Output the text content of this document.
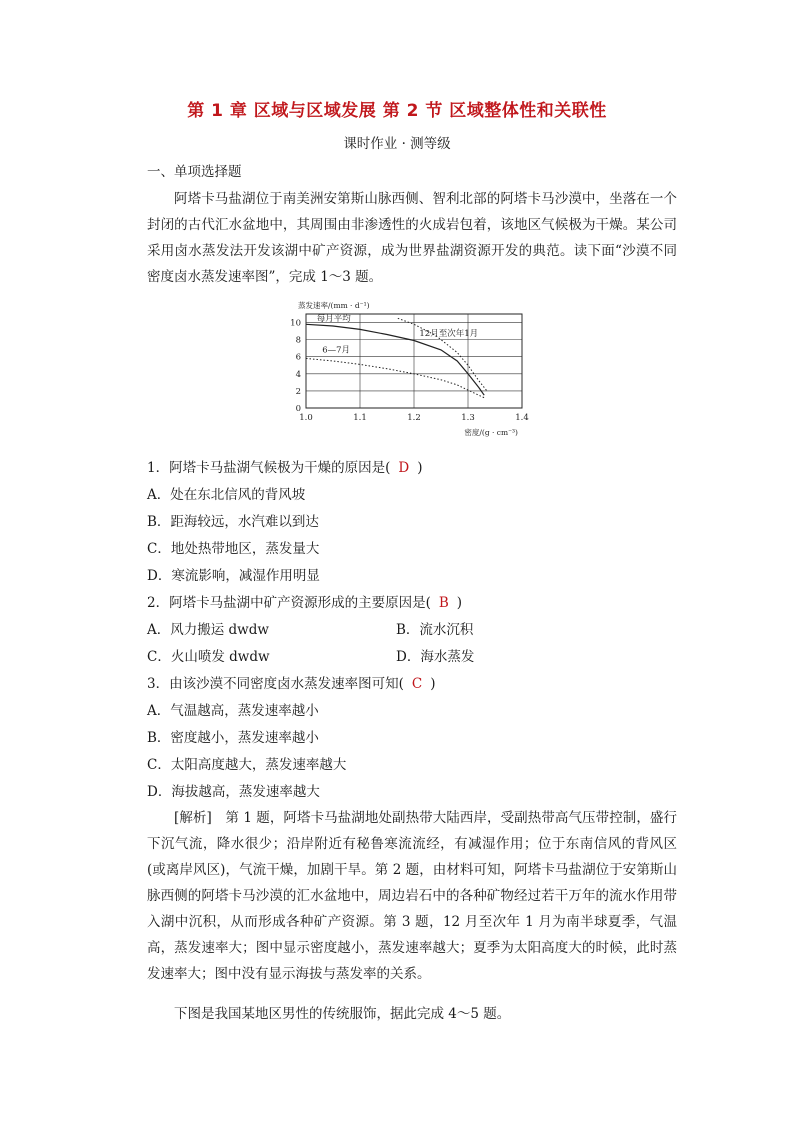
第 1 章 区域与区域发展 第 2 节 区域整体性和关联性
课时作业 · 测等级
一、单项选择题

阿塔卡马盐湖位于南美洲安第斯山脉西侧、智利北部的阿塔卡马沙漠中，坐落在一个封闭的古代汇水盆地中，其周围由非渗透性的火成岩包着，该地区气候极为干燥。某公司采用卤水蒸发法开发该湖中矿产资源，成为世界盐湖资源开发的典范。读下面“沙漠不同密度卤水蒸发速率图”，完成 1～3 题。

1.0	1.1	1.2	1.3	1.4
2
4
6
8
10
0
蒸发速率/(mm · d⁻¹)
密度/(g · cm⁻³)
每月平均
12月至次年1月
6—7月
1．阿塔卡马盐湖气候极为干燥的原因是( D )
A．处在东北信风的背风坡
B．距海较远，水汽难以到达
C．地处热带地区，蒸发量大
D．寒流影响，减湿作用明显
2．阿塔卡马盐湖中矿产资源形成的主要原因是( B )
A．风力搬运 dwdw	B．流水沉积
C．火山喷发 dwdw	D．海水蒸发
3．由该沙漠不同密度卤水蒸发速率图可知( C )
A．气温越高，蒸发速率越小
B．密度越小，蒸发速率越小
C．太阳高度越大，蒸发速率越大
D．海拔越高，蒸发速率越大

[解析]　第 1 题，阿塔卡马盐湖地处副热带大陆西岸，受副热带高气压带控制，盛行下沉气流，降水很少；沿岸附近有秘鲁寒流流经，有减湿作用；位于东南信风的背风区(或离岸风区)，气流干燥，加剧干旱。第 2 题，由材料可知，阿塔卡马盐湖位于安第斯山脉西侧的阿塔卡马沙漠的汇水盆地中，周边岩石中的各种矿物经过若干万年的流水作用带入湖中沉积，从而形成各种矿产资源。第 3 题，12 月至次年 1 月为南半球夏季，气温高，蒸发速率大；图中显示密度越小，蒸发速率越大；夏季为太阳高度大的时候，此时蒸发速率大；图中没有显示海拔与蒸发率的关系。

下图是我国某地区男性的传统服饰，据此完成 4～5 题。
